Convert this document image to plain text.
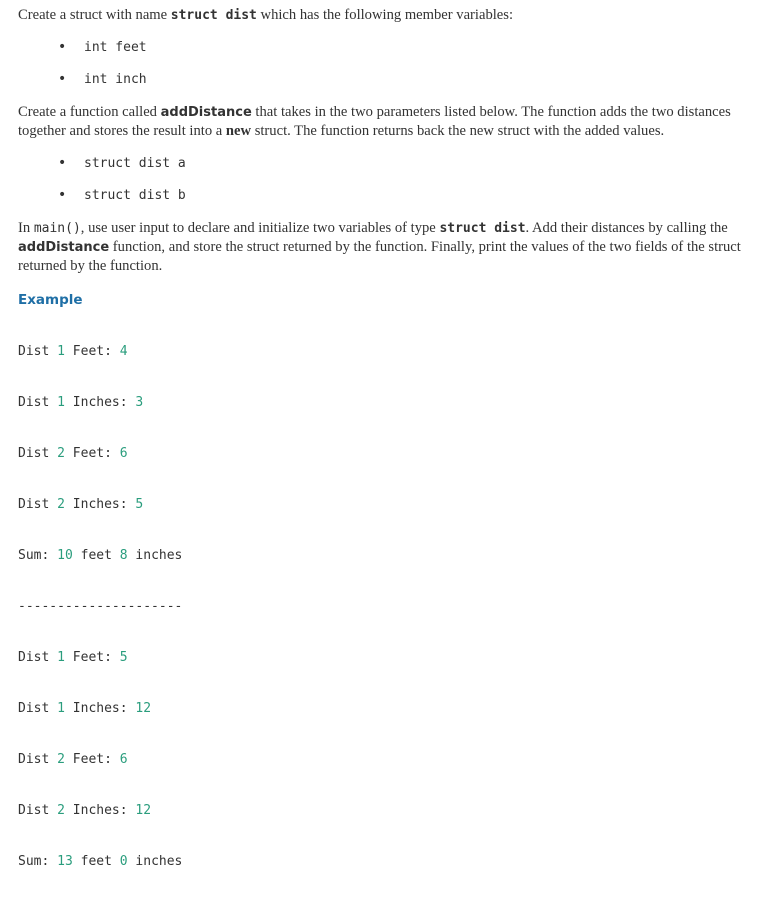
Create a struct with name struct dist which has the following member variables:

• int feet
• int inch

Create a function called addDistance that takes in the two parameters listed below. The function adds the two distances together and stores the result into a new struct. The function returns back the new struct with the added values.

• struct dist a
• struct dist b

In main(), use user input to declare and initialize two variables of type struct dist. Add their distances by calling the addDistance function, and store the struct returned by the function. Finally, print the values of the two fields of the struct returned by the function.

Example

Dist 1 Feet: 4

Dist 1 Inches: 3

Dist 2 Feet: 6

Dist 2 Inches: 5

Sum: 10 feet 8 inches

---------------------

Dist 1 Feet: 5

Dist 1 Inches: 12

Dist 2 Feet: 6

Dist 2 Inches: 12

Sum: 13 feet 0 inches
